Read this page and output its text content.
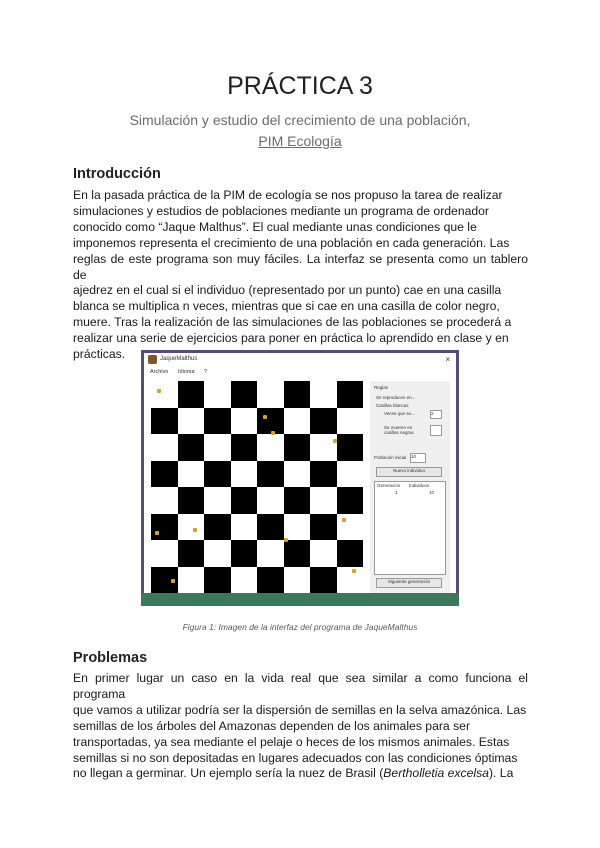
PRÁCTICA 3
Simulación y estudio del crecimiento de una población,
PIM Ecología
Introducción
En la pasada práctica de la PIM de ecología se nos propuso la tarea de realizar
simulaciones y estudios de poblaciones mediante un programa de ordenador
conocido como “Jaque Malthus”. El cual mediante unas condiciones que le
imponemos representa el crecimiento de una población en cada generación. Las
reglas de este programa son muy fáciles. La interfaz se presenta como un tablero de
ajedrez en el cual si el individuo (representado por un punto) cae en una casilla
blanca se multiplica n veces, mientras que si cae en una casilla de color negro,
muere. Tras la realización de las simulaciones de las poblaciones se procederá a
realizar una serie de ejercicios para poner en práctica lo aprendido en clase y en
prácticas.	JaqueMalthus	×
Archivo Idioma ?
Reglas
Se reproducen en...
Casillas blancas
Veces que se...	2
Se mueren en casillas negras
Población inicial 10
Nuevo individuo
Generación Individuos
1	10
Siguiente generación
Figura 1: Imagen de la interfaz del programa de JaqueMalthus
Problemas
En primer lugar un caso en la vida real que sea similar a como funciona el programa
que vamos a utilizar podría ser la dispersión de semillas en la selva amazónica. Las
semillas de los árboles del Amazonas dependen de los animales para ser
transportadas, ya sea mediante el pelaje o heces de los mismos animales. Estas
semillas si no son depositadas en lugares adecuados con las condiciones óptimas
no llegan a germinar. Un ejemplo sería la nuez de Brasil (Bertholletia excelsa). La
